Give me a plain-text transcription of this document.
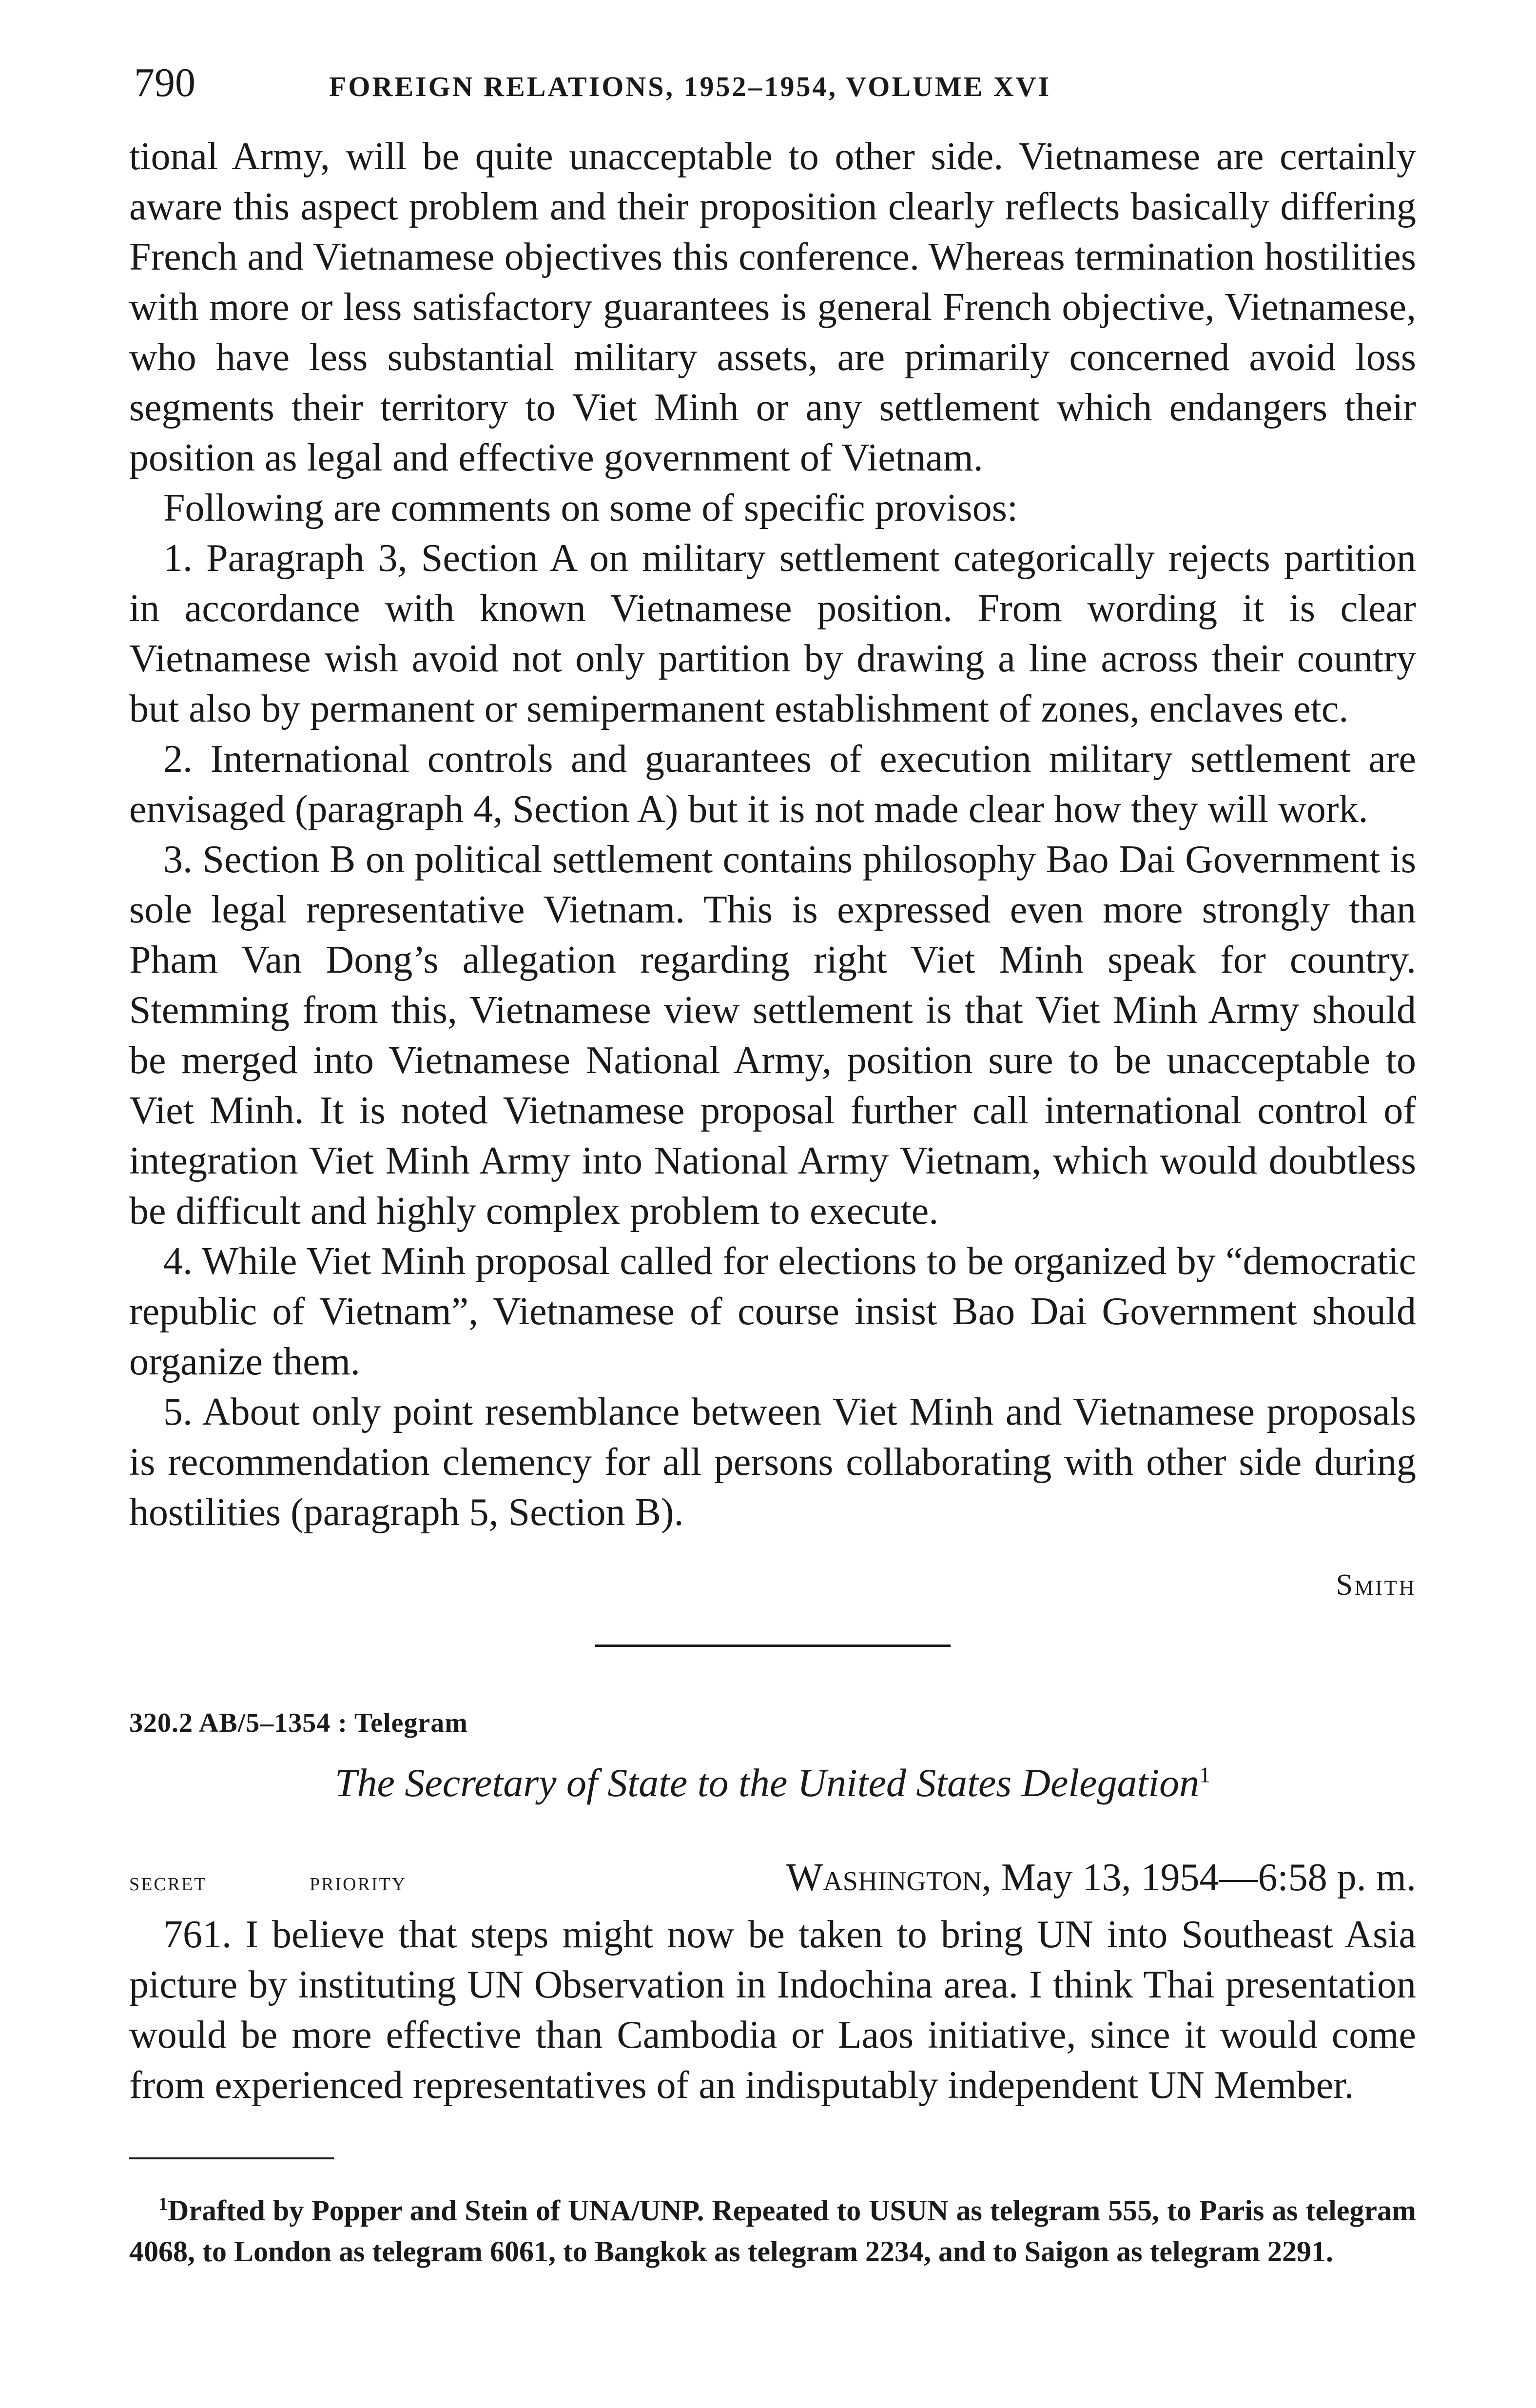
790	FOREIGN RELATIONS, 1952–1954, VOLUME XVI

tional Army, will be quite unacceptable to other side. Vietnamese are certainly aware this aspect problem and their proposition clearly reflects basically differing French and Vietnamese objectives this conference. Whereas termination hostilities with more or less satisfactory guarantees is general French objective, Vietnamese, who have less substantial military assets, are primarily concerned avoid loss segments their territory to Viet Minh or any settlement which endangers their position as legal and effective government of Vietnam.

Following are comments on some of specific provisos:

1. Paragraph 3, Section A on military settlement categorically rejects partition in accordance with known Vietnamese position. From wording it is clear Vietnamese wish avoid not only partition by drawing a line across their country but also by permanent or semipermanent establishment of zones, enclaves etc.

2. International controls and guarantees of execution military settlement are envisaged (paragraph 4, Section A) but it is not made clear how they will work.

3. Section B on political settlement contains philosophy Bao Dai Government is sole legal representative Vietnam. This is expressed even more strongly than Pham Van Dong’s allegation regarding right Viet Minh speak for country. Stemming from this, Vietnamese view settlement is that Viet Minh Army should be merged into Vietnamese National Army, position sure to be unacceptable to Viet Minh. It is noted Vietnamese proposal further call international control of integration Viet Minh Army into National Army Vietnam, which would doubtless be difficult and highly complex problem to execute.

4. While Viet Minh proposal called for elections to be organized by “democratic republic of Vietnam”, Vietnamese of course insist Bao Dai Government should organize them.

5. About only point resemblance between Viet Minh and Vietnamese proposals is recommendation clemency for all persons collaborating with other side during hostilities (paragraph 5, Section B).

Smith
320.2 AB/5–1354 : Telegram
The Secretary of State to the United States Delegation$^1$
secret	priority	Washington, May 13, 1954—6:58 p. m.

761. I believe that steps might now be taken to bring UN into Southeast Asia picture by instituting UN Observation in Indochina area. I think Thai presentation would be more effective than Cambodia or Laos initiative, since it would come from experienced representatives of an indisputably independent UN Member.

$^1$Drafted by Popper and Stein of UNA/UNP. Repeated to USUN as telegram 555, to Paris as telegram 4068, to London as telegram 6061, to Bangkok as telegram 2234, and to Saigon as telegram 2291.
